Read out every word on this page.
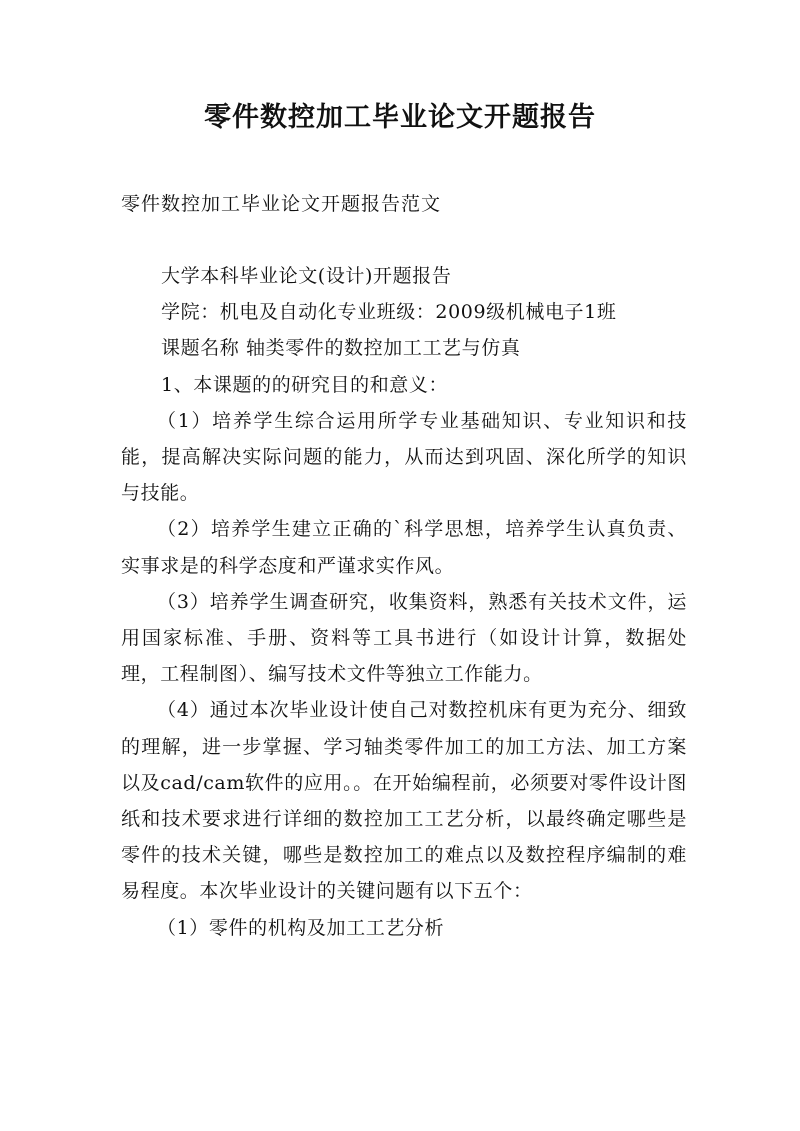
零件数控加工毕业论文开题报告

零件数控加工毕业论文开题报告范文

大学本科毕业论文(设计)开题报告

学院：机电及自动化专业班级：2009级机械电子1班

课题名称 轴类零件的数控加工工艺与仿真

1、本课题的的研究目的和意义：

（1）培养学生综合运用所学专业基础知识、专业知识和技能，提高解决实际问题的能力，从而达到巩固、深化所学的知识与技能。

（2）培养学生建立正确的`科学思想，培养学生认真负责、实事求是的科学态度和严谨求实作风。

（3）培养学生调查研究，收集资料，熟悉有关技术文件，运用国家标准、手册、资料等工具书进行（如设计计算，数据处理，工程制图）、编写技术文件等独立工作能力。

（4）通过本次毕业设计使自己对数控机床有更为充分、细致的理解，进一步掌握、学习轴类零件加工的加工方法、加工方案以及cad/cam软件的应用。。在开始编程前，必须要对零件设计图纸和技术要求进行详细的数控加工工艺分析，以最终确定哪些是零件的技术关键，哪些是数控加工的难点以及数控程序编制的难易程度。本次毕业设计的关键问题有以下五个：

（1）零件的机构及加工工艺分析
